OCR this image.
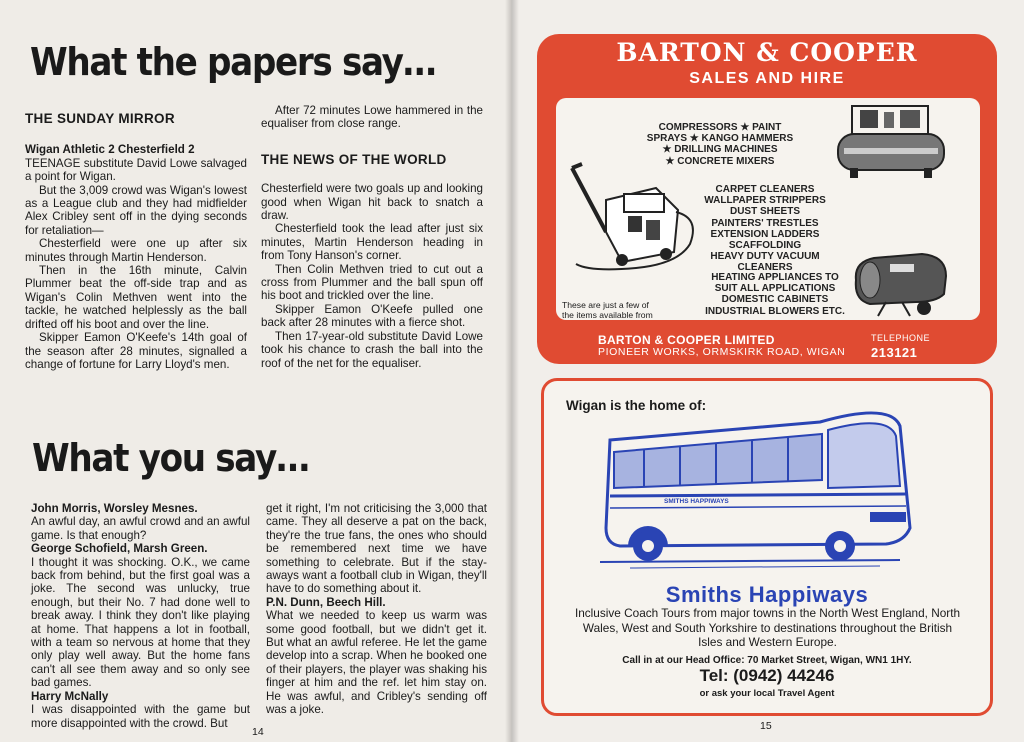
What the papers say…

THE SUNDAY MIRROR

Wigan Athletic 2 Chesterfield 2

TEENAGE substitute David Lowe salvaged a point for Wigan.

But the 3,009 crowd was Wigan's lowest as a League club and they had midfielder Alex Cribley sent off in the dying seconds for retaliation—

Chesterfield were one up after six minutes through Martin Henderson.

Then in the 16th minute, Calvin Plummer beat the off-side trap and as Wigan's Colin Methven went into the tackle, he watched helplessly as the ball drifted off his boot and over the line.

Skipper Eamon O'Keefe's 14th goal of the season after 28 minutes, signalled a change of fortune for Larry Lloyd's men.

After 72 minutes Lowe hammered in the equaliser from close range.

THE NEWS OF THE WORLD

Chesterfield were two goals up and looking good when Wigan hit back to snatch a draw.

Chesterfield took the lead after just six minutes, Martin Henderson heading in from Tony Hanson's corner.

Then Colin Methven tried to cut out a cross from Plummer and the ball spun off his boot and trickled over the line.

Skipper Eamon O'Keefe pulled one back after 28 minutes with a fierce shot.

Then 17-year-old substitute David Lowe took his chance to crash the ball into the roof of the net for the equaliser.

What you say…

John Morris, Worsley Mesnes.

An awful day, an awful crowd and an awful game. Is that enough?

George Schofield, Marsh Green.

I thought it was shocking. O.K., we came back from behind, but the first goal was a joke. The second was unlucky, true enough, but their No. 7 had done well to break away. I think they don't like playing at home. That happens a lot in football, with a team so nervous at home that they only play well away. But the home fans can't all see them away and so only see bad games.

Harry McNally

I was disappointed with the game but more disappointed with the crowd. But

get it right, I'm not criticising the 3,000 that came. They all deserve a pat on the back, they're the true fans, the ones who should be remembered next time we have something to celebrate. But if the stay-aways want a football club in Wigan, they'll have to do something about it.

P.N. Dunn, Beech Hill.

What we needed to keep us warm was some good football, but we didn't get it. But what an awful referee. He let the game develop into a scrap. When he booked one of their players, the player was shaking his finger at him and the ref. let him stay on. He was awful, and Cribley's sending off was a joke.

14
BARTON & COOPER
SALES AND HIRE
COMPRESSORS ★ PAINT
SPRAYS ★ KANGO HAMMERS
★ DRILLING MACHINES
★ CONCRETE MIXERS
CARPET CLEANERS
WALLPAPER STRIPPERS
DUST SHEETS
PAINTERS' TRESTLES
EXTENSION LADDERS
SCAFFOLDING
HEAVY DUTY VACUUM
CLEANERS
HEATING APPLIANCES TO
SUIT ALL APPLICATIONS
DOMESTIC CABINETS
INDUSTRIAL BLOWERS ETC.
These are just a few of
the items available from
BARTON & COOPER LIMITED
PIONEER WORKS, ORMSKIRK ROAD, WIGAN
TELEPHONE
213121
Wigan is the home of:
SMITHS HAPPIWAYS
Smiths Happiways
Inclusive Coach Tours from major towns in the North West England, North Wales, West and South Yorkshire to destinations throughout the British Isles and Western Europe.
Call in at our Head Office: 70 Market Street, Wigan, WN1 1HY.
Tel: (0942) 44246
or ask your local Travel Agent
15
